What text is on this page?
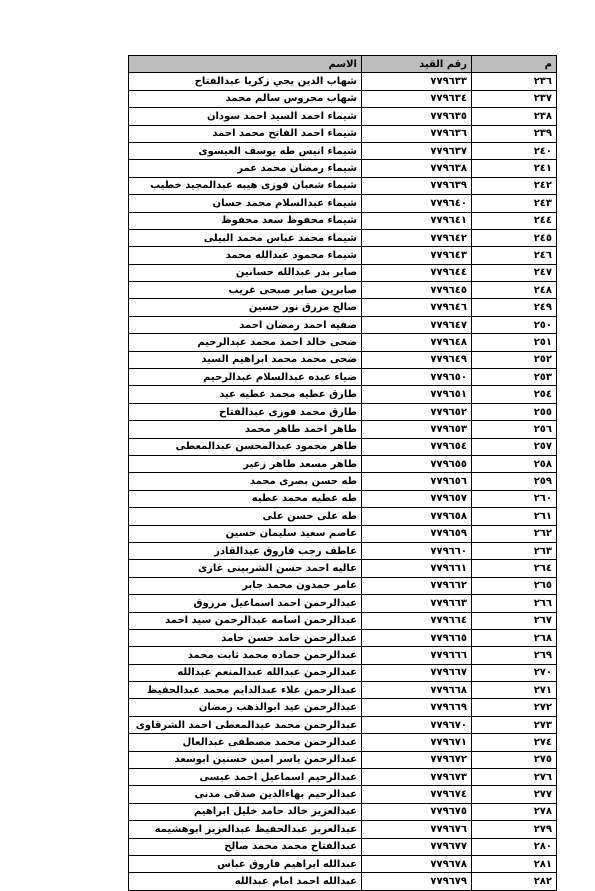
م	رقم القيد	الاسم
٢٣٦	٧٧٩٦٣٣	شهاب الدين يحي زكريا عبدالفتاح
٢٣٧	٧٧٩٦٣٤	شهاب محروس سالم محمد
٢٣٨	٧٧٩٦٣٥	شيماء احمد السيد احمد سودان
٢٣٩	٧٧٩٦٣٦	شيماء احمد الفاتح محمد احمد
٢٤٠	٧٧٩٦٣٧	شيماء انيس طه يوسف العيسوى
٢٤١	٧٧٩٦٣٨	شيماء رمضان محمد عمر
٢٤٢	٧٧٩٦٣٩	شيماء شعبان فوزى هيبه عبدالمجيد خطيب
٢٤٣	٧٧٩٦٤٠	شيماء عبدالسلام محمد حسان
٢٤٤	٧٧٩٦٤١	شيماء محفوظ سعد محفوظ
٢٤٥	٧٧٩٦٤٢	شيماء محمد عباس محمد البيلى
٢٤٦	٧٧٩٦٤٣	شيماء محمود عبدالله محمد
٢٤٧	٧٧٩٦٤٤	صابر بدر عبدالله حسانين
٢٤٨	٧٧٩٦٤٥	صابرين صابر صبحى غريب
٢٤٩	٧٧٩٦٤٦	صالح مرزق نور حسين
٢٥٠	٧٧٩٦٤٧	صفيه احمد رمضان احمد
٢٥١	٧٧٩٦٤٨	ضحى خالد احمد محمد عبدالرحيم
٢٥٢	٧٧٩٦٤٩	ضحى محمد محمد ابراهيم السيد
٢٥٣	٧٧٩٦٥٠	ضياء عبده عبدالسلام عبدالرحيم
٢٥٤	٧٧٩٦٥١	طارق عطيه محمد عطيه عيد
٢٥٥	٧٧٩٦٥٢	طارق محمد فوزى عبدالفتاح
٢٥٦	٧٧٩٦٥٣	طاهر احمد طاهر محمد
٢٥٧	٧٧٩٦٥٤	طاهر محمود عبدالمحسن عبدالمعطى
٢٥٨	٧٧٩٦٥٥	طاهر مسعد طاهر زعير
٢٥٩	٧٧٩٦٥٦	طه حسن بصرى محمد
٢٦٠	٧٧٩٦٥٧	طه عطيه محمد عطيه
٢٦١	٧٧٩٦٥٨	طه على حسن على
٢٦٢	٧٧٩٦٥٩	عاصم سعيد سليمان حسين
٢٦٣	٧٧٩٦٦٠	عاطف رجب فاروق عبدالقادر
٢٦٤	٧٧٩٦٦١	عاليه احمد حسن الشربينى غازى
٢٦٥	٧٧٩٦٦٢	عامر حمدون محمد جابر
٢٦٦	٧٧٩٦٦٣	عبدالرحمن احمد اسماعيل مرزوق
٢٦٧	٧٧٩٦٦٤	عبدالرحمن اسامه عبدالرحمن سيد احمد
٢٦٨	٧٧٩٦٦٥	عبدالرحمن حامد حسن حامد
٢٦٩	٧٧٩٦٦٦	عبدالرحمن حماده محمد ثابت محمد
٢٧٠	٧٧٩٦٦٧	عبدالرحمن عبدالله عبدالمنعم عبدالله
٢٧١	٧٧٩٦٦٨	عبدالرحمن علاء عبدالدايم محمد عبدالحفيظ
٢٧٢	٧٧٩٦٦٩	عبدالرحمن عيد ابوالذهب رمضان
٢٧٣	٧٧٩٦٧٠	عبدالرحمن محمد عبدالمعطى احمد الشرقاوى
٢٧٤	٧٧٩٦٧١	عبدالرحمن محمد مصطفى عبدالعال
٢٧٥	٧٧٩٦٧٢	عبدالرحمن ياسر امين حسنين ابوسعد
٢٧٦	٧٧٩٦٧٣	عبدالرحيم اسماعيل احمد عيسى
٢٧٧	٧٧٩٦٧٤	عبدالرحيم بهاءالدين صدقى مدنى
٢٧٨	٧٧٩٦٧٥	عبدالعزيز خالد حامد خليل ابراهيم
٢٧٩	٧٧٩٦٧٦	عبدالعزيز عبدالحفيظ عبدالعزيز ابوهشيمه
٢٨٠	٧٧٩٦٧٧	عبدالفتاح محمد محمد صالح
٢٨١	٧٧٩٦٧٨	عبدالله ابراهيم فاروق عباس
٢٨٢	٧٧٩٦٧٩	عبدالله احمد امام عبدالله
